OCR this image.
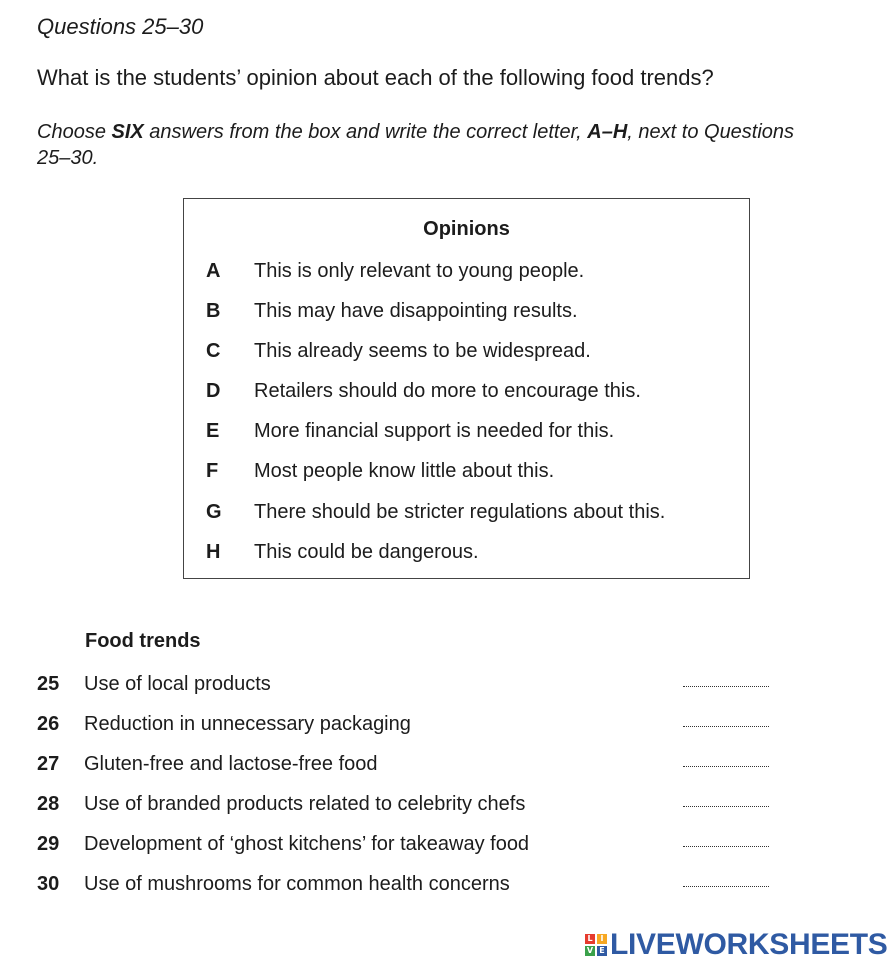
Questions 25–30
What is the students’ opinion about each of the following food trends?
Choose SIX answers from the box and write the correct letter, A–H, next to Questions 25–30.
Opinions
A	This is only relevant to young people.
B	This may have disappointing results.
C	This already seems to be widespread.
D	Retailers should do more to encourage this.
E	More financial support is needed for this.
F	Most people know little about this.
G	There should be stricter regulations about this.
H	This could be dangerous.
Food trends
25 Use of local products
26 Reduction in unnecessary packaging
27 Gluten-free and lactose-free food
28 Use of branded products related to celebrity chefs
29 Development of ‘ghost kitchens’ for takeaway food
30 Use of mushrooms for common health concerns
L I
V E LIVEWORKSHEETS
